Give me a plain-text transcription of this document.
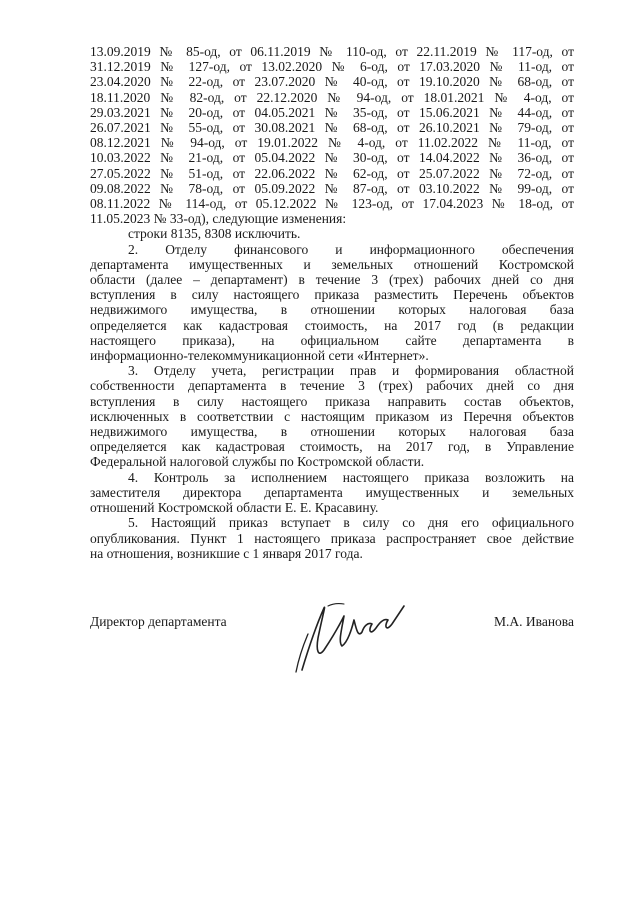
13.09.2019 № 85-од, от 06.11.2019 № 110-од, от 22.11.2019 № 117-од, от
31.12.2019 № 127-од, от 13.02.2020 № 6-од, от 17.03.2020 № 11-од, от
23.04.2020 № 22-од, от 23.07.2020 № 40-од, от 19.10.2020 № 68-од, от
18.11.2020 № 82-од, от 22.12.2020 № 94-од, от 18.01.2021 № 4-од, от
29.03.2021 № 20-од, от 04.05.2021 № 35-од, от 15.06.2021 № 44-од, от
26.07.2021 № 55-од, от 30.08.2021 № 68-од, от 26.10.2021 № 79-од, от
08.12.2021 № 94-од, от 19.01.2022 № 4-од, от 11.02.2022 № 11-од, от
10.03.2022 № 21-од, от 05.04.2022 № 30-од, от 14.04.2022 № 36-од, от
27.05.2022 № 51-од, от 22.06.2022 № 62-од, от 25.07.2022 № 72-од, от
09.08.2022 № 78-од, от 05.09.2022 № 87-од, от 03.10.2022 № 99-од, от
08.11.2022 № 114-од, от 05.12.2022 № 123-од, от 17.04.2023 № 18-од, от
11.05.2023 № 33-од), следующие изменения:

строки 8135, 8308 исключить.

2. Отделу финансового и информационного обеспечения
департамента имущественных и земельных отношений Костромской
области (далее – департамент) в течение 3 (трех) рабочих дней со дня
вступления в силу настоящего приказа разместить Перечень объектов
недвижимого имущества, в отношении которых налоговая база
определяется как кадастровая стоимость, на 2017 год (в редакции
настоящего приказа), на официальном сайте департамента в
информационно-телекоммуникационной сети «Интернет».

3. Отделу учета, регистрации прав и формирования областной
собственности департамента в течение 3 (трех) рабочих дней со дня
вступления в силу настоящего приказа направить состав объектов,
исключенных в соответствии с настоящим приказом из Перечня объектов
недвижимого имущества, в отношении которых налоговая база
определяется как кадастровая стоимость, на 2017 год, в Управление
Федеральной налоговой службы по Костромской области.

4. Контроль за исполнением настоящего приказа возложить на
заместителя директора департамента имущественных и земельных
отношений Костромской области Е. Е. Красавину.

5. Настоящий приказ вступает в силу со дня его официального
опубликования. Пункт 1 настоящего приказа распространяет свое действие
на отношения, возникшие с 1 января 2017 года.

Директор департамента	М.А. Иванова
